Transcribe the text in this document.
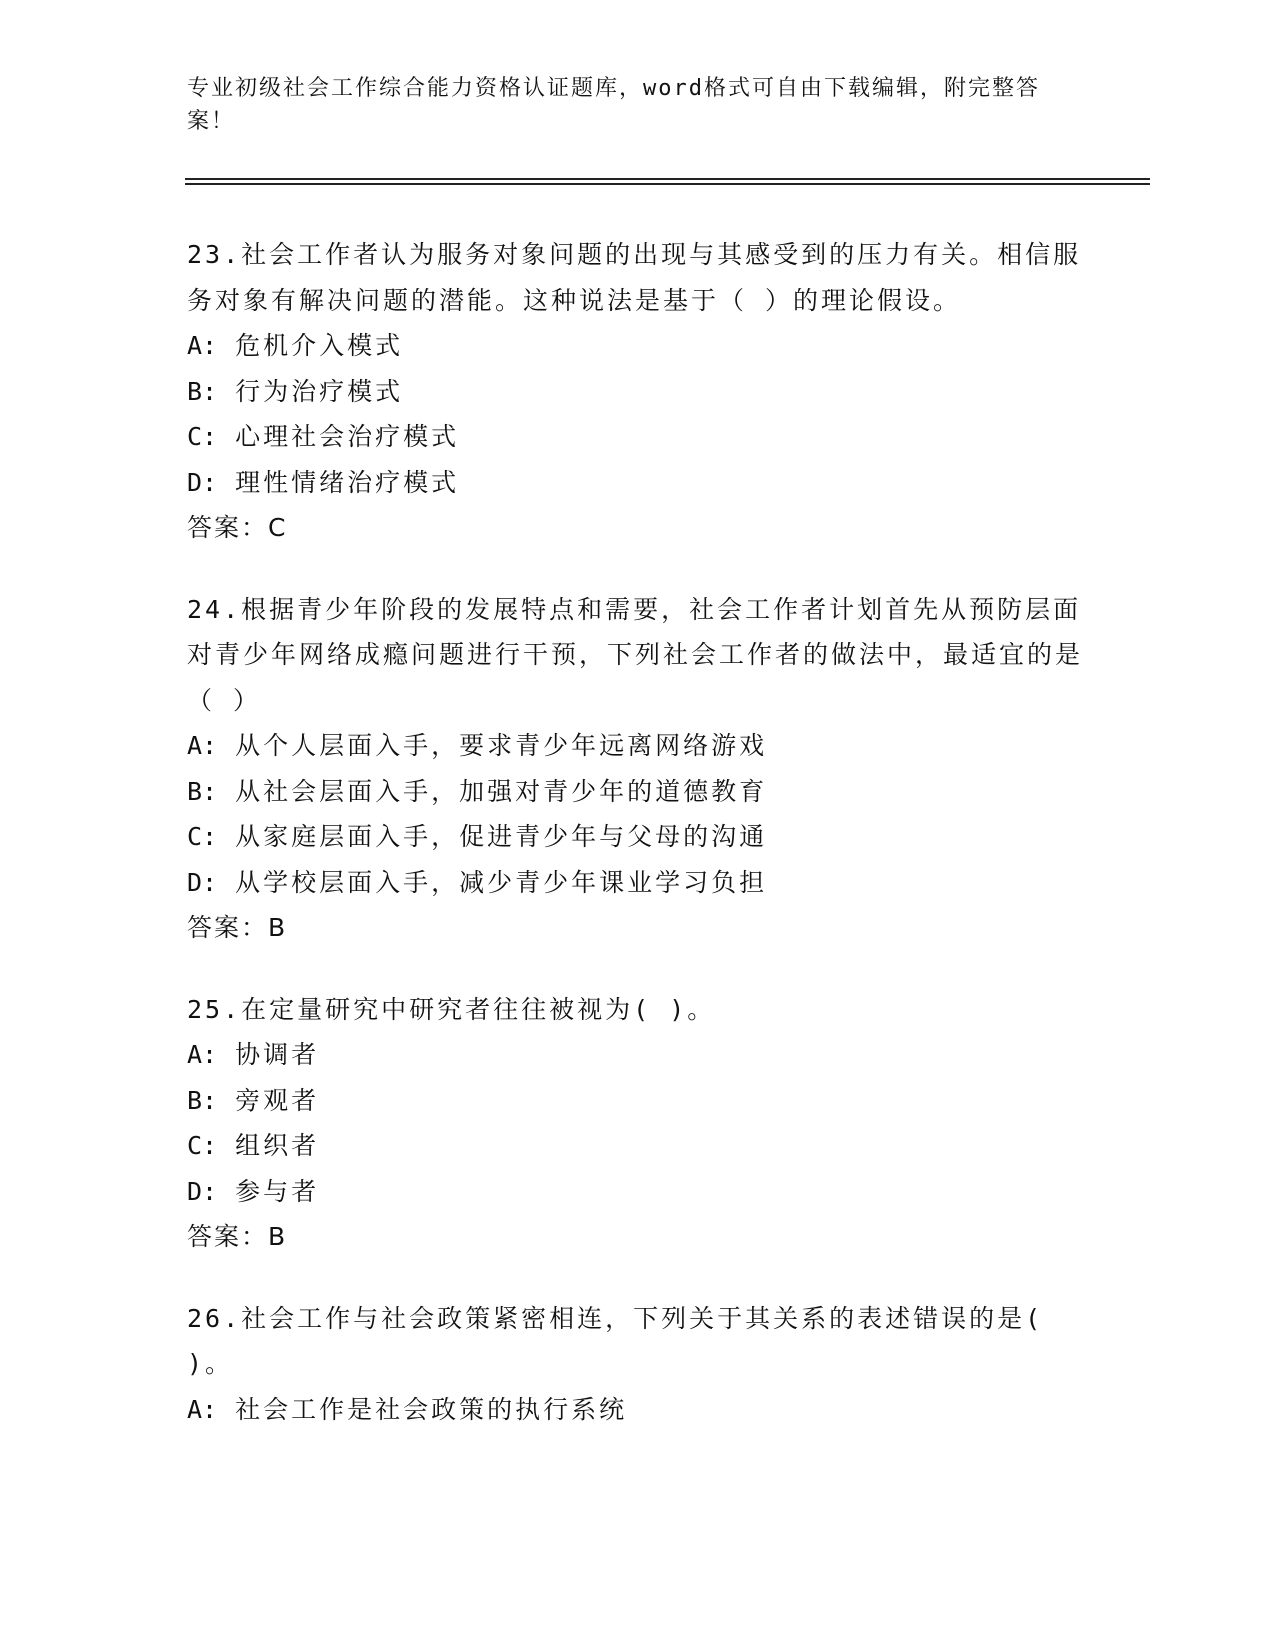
专业初级社会工作综合能力资格认证题库，word格式可自由下载编辑，附完整答案！
23.社会工作者认为服务对象问题的出现与其感受到的压力有关。相信服务对象有解决问题的潜能。这种说法是基于（ ）的理论假设。
A: 危机介入模式
B: 行为治疗模式
C: 心理社会治疗模式
D: 理性情绪治疗模式
答案：C
24.根据青少年阶段的发展特点和需要，社会工作者计划首先从预防层面对青少年网络成瘾问题进行干预，下列社会工作者的做法中，最适宜的是（ ）
A: 从个人层面入手，要求青少年远离网络游戏
B: 从社会层面入手，加强对青少年的道德教育
C: 从家庭层面入手，促进青少年与父母的沟通
D: 从学校层面入手，减少青少年课业学习负担
答案：B
25.在定量研究中研究者往往被视为( )。
A: 协调者
B: 旁观者
C: 组织者
D: 参与者
答案：B
26.社会工作与社会政策紧密相连，下列关于其关系的表述错误的是( )。
A: 社会工作是社会政策的执行系统
